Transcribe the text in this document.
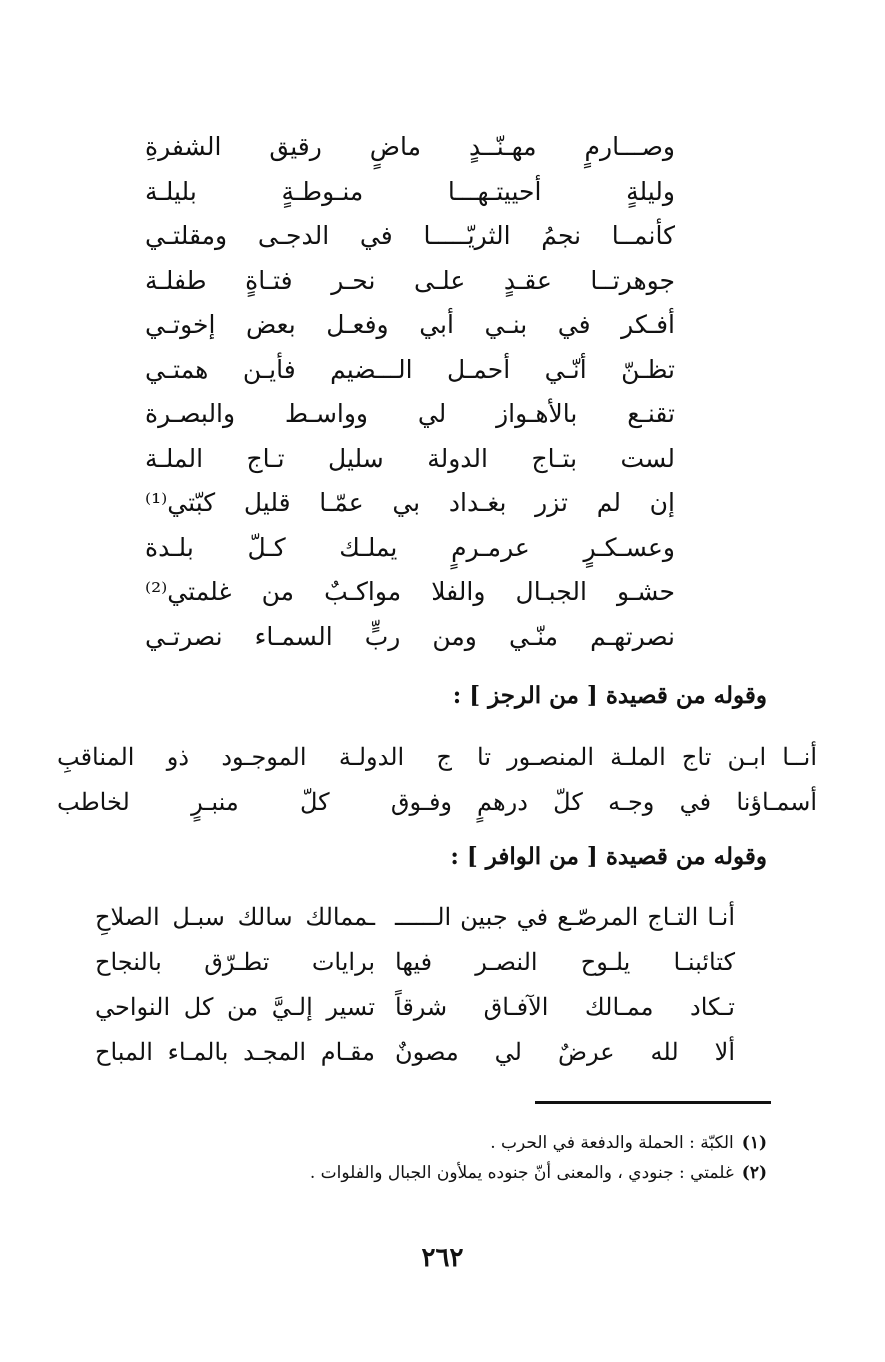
وصـــارمٍ مهـنّــدٍ ماضٍ رقيق الشفرةِ
وليلةٍ أحييتـهـــا منـوطـةٍ بليلـة
كأنمــا نجمُ الثريّـــــا في الدجـى ومقلتـي
جوهرتــا عقـدٍ علـى نحـر فتـاةٍ طفلـة
أفـكر في بنـي أبي وفعـل بعض إخوتـي
تظـنّ أنّـي أحمـل الـــضيم فأيـن همتـي
تقنـع بالأهـواز لي وواسـط والبصـرة
لست بتـاج الدولة سليل تـاج الملـة
إن لم تزر بغـداد بي عمّـا قليل كبّتي⁽¹⁾
وعسـكـرٍ عرمـرمٍ يملـك كـلّ بلـدة
حشـو الجبـال والفلا مواكـبٌ من غلمتي⁽²⁾
نصرتهـم منّـي ومن ربٍّ السمـاء نصرتـي
وقوله من قصيدة [ من الرجز ] :
أنــا ابـن تاج الملـة المنصـور تا
ج الدولـة الموجـود ذو المناقبِ
أسمـاؤنا في وجـه كلّ درهمٍ
وفـوق كلّ منبـرٍ لخاطب
وقوله من قصيدة [ من الوافر ] :
أنـا التـاج المرصّـع في جبين الــــــ
ـممالك سالك سبـل الصلاحِ
كتائبنـا يلـوح النصـر فيها
برايات تطـرّق بالنجاح
تـكاد ممـالك الآفـاق شرقاً
تسير إلـيَّ من كل النواحي
ألا لله عرضٌ لي مصونٌ
مقـام المجـد بالمـاء المباح
(١)الكبّة : الحملة والدفعة في الحرب .
(٢)غلمتي : جنودي ، والمعنى أنّ جنوده يملأون الجبال والفلوات .
٢٦٢
